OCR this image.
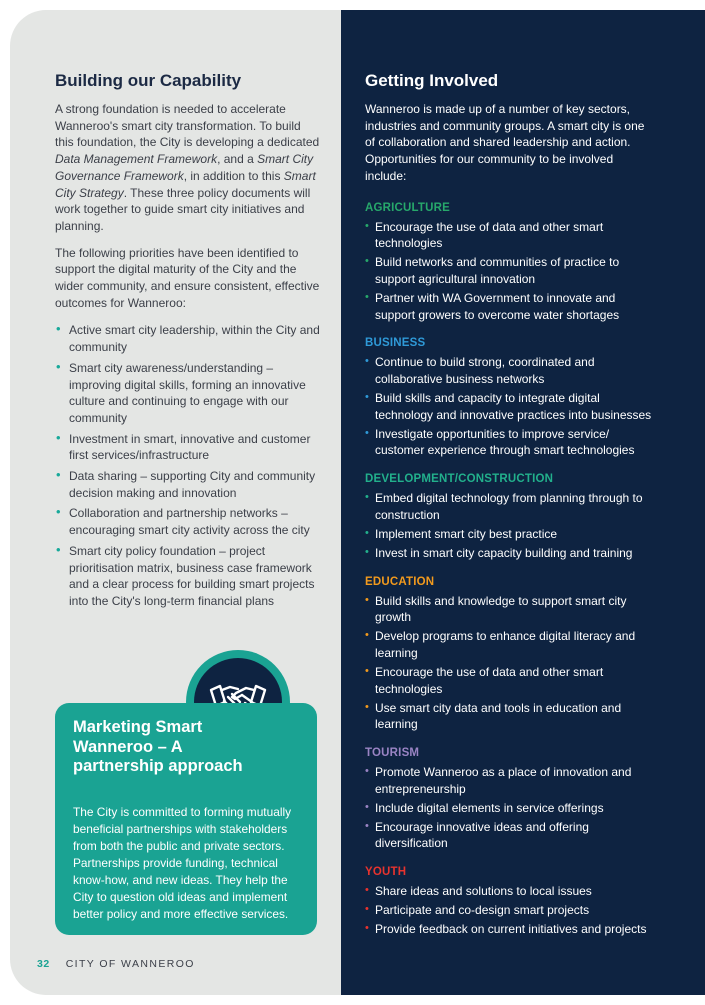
Building our Capability

A strong foundation is needed to accelerate Wanneroo's smart city transformation. To build this foundation, the City is developing a dedicated Data Management Framework, and a Smart City Governance Framework, in addition to this Smart City Strategy. These three policy documents will work together to guide smart city initiatives and planning.

The following priorities have been identified to support the digital maturity of the City and the wider community, and ensure consistent, effective outcomes for Wanneroo:

• Active smart city leadership, within the City and community
• Smart city awareness/understanding – improving digital skills, forming an innovative culture and continuing to engage with our community
• Investment in smart, innovative and customer first services/infrastructure
• Data sharing – supporting City and community decision making and innovation
• Collaboration and partnership networks – encouraging smart city activity across the city
• Smart city policy foundation – project prioritisation matrix, business case framework and a clear process for building smart projects into the City's long-term financial plans
Marketing Smart Wanneroo – A partnership approach

The City is committed to forming mutually beneficial partnerships with stakeholders from both the public and private sectors. Partnerships provide funding, technical know-how, and new ideas. They help the City to question old ideas and implement better policy and more effective services.

Getting Involved

Wanneroo is made up of a number of key sectors, industries and community groups. A smart city is one of collaboration and shared leadership and action. Opportunities for our community to be involved include:

AGRICULTURE
• Encourage the use of data and other smart technologies
• Build networks and communities of practice to support agricultural innovation
• Partner with WA Government to innovate and support growers to overcome water shortages
BUSINESS
• Continue to build strong, coordinated and collaborative business networks
• Build skills and capacity to integrate digital technology and innovative practices into businesses
• Investigate opportunities to improve service/ customer experience through smart technologies
DEVELOPMENT/CONSTRUCTION
• Embed digital technology from planning through to construction
• Implement smart city best practice
• Invest in smart city capacity building and training
EDUCATION
• Build skills and knowledge to support smart city growth
• Develop programs to enhance digital literacy and learning
• Encourage the use of data and other smart technologies
• Use smart city data and tools in education and learning
TOURISM
• Promote Wanneroo as a place of innovation and entrepreneurship
• Include digital elements in service offerings
• Encourage innovative ideas and offering diversification
YOUTH
• Share ideas and solutions to local issues
• Participate and co-design smart projects
• Provide feedback on current initiatives and projects
32 CITY OF WANNEROO
